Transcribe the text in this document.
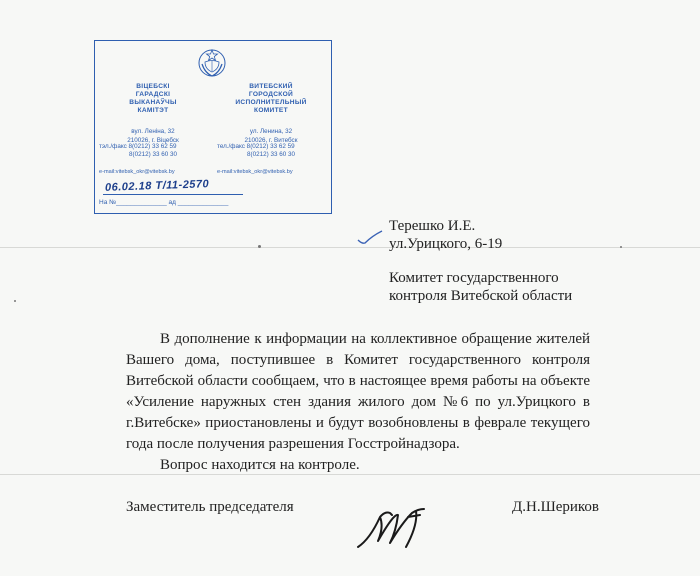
ВІЦЕБСКІ
ГАРАДСКІ
ВЫКАНАЎЧЫ
КАМІТЭТ
ВИТЕБСКИЙ
ГОРОДСКОЙ
ИСПОЛНИТЕЛЬНЫЙ
КОМИТЕТ
вул. Леніна, 32
210026, г. Віцебск
ул. Ленина, 32
210026, г. Витебск
тэл./факс 8(0212) 33 62 59
8(0212) 33 60 30
тел./факс 8(0212) 33 62 59
8(0212) 33 60 30
e-mail:vitebsk_okr@vitebsk.by	e-mail:vitebsk_okr@vitebsk.by
06.02.18 Т/11-2570
На №______________ ад ______________
Терешко И.Е.
ул.Урицкого, 6-19
Комитет государственного
контроля Витебской области

В дополнение к информации на коллективное обращение жителей Вашего дома, поступившее в Комитет государственного контроля Витебской области сообщаем, что в настоящее время работы на объекте «Усиление наружных стен здания жилого дом №6 по ул.Урицкого в г.Витебске» приостановлены и будут возобновлены в феврале текущего года после получения разрешения Госстройнадзора.

Вопрос находится на контроле.

Заместитель председателя	Д.Н.Шериков
